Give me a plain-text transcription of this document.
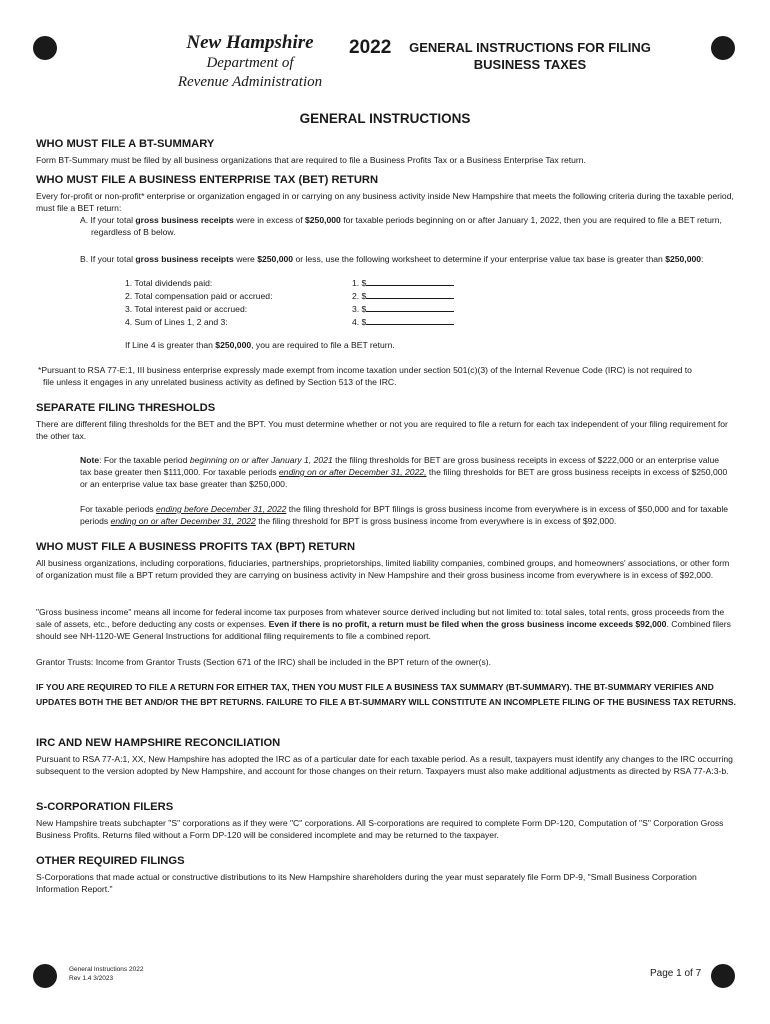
New Hampshire
Department of
Revenue Administration
2022	GENERAL INSTRUCTIONS FOR FILING
BUSINESS TAXES
GENERAL INSTRUCTIONS
WHO MUST FILE A BT-SUMMARY
Form BT-Summary must be filed by all business organizations that are required to file a Business Profits Tax or a Business Enterprise Tax return.
WHO MUST FILE A BUSINESS ENTERPRISE TAX (BET) RETURN
Every for-profit or non-profit* enterprise or organization engaged in or carrying on any business activity inside New Hampshire that meets the following criteria during the taxable period, must file a BET return:
A. If your total gross business receipts were in excess of $250,000 for taxable periods beginning on or after January 1, 2022, then you are required to file a BET return, regardless of B below.
B. If your total gross business receipts were $250,000 or less, use the following worksheet to determine if your enterprise value tax base is greater than $250,000:
1. Total dividends paid:	1. $
2. Total compensation paid or accrued:	2. $
3. Total interest paid or accrued:	3. $
4. Sum of Lines 1, 2 and 3:	4. $
If Line 4 is greater than $250,000, you are required to file a BET return.
*Pursuant to RSA 77-E:1, III business enterprise expressly made exempt from income taxation under section 501(c)(3) of the Internal Revenue Code (IRC) is not required to file unless it engages in any unrelated business activity as defined by Section 513 of the IRC.
SEPARATE FILING THRESHOLDS
There are different filing thresholds for the BET and the BPT. You must determine whether or not you are required to file a return for each tax independent of your filing requirement for the other tax.
Note: For the taxable period beginning on or after January 1, 2021 the filing thresholds for BET are gross business receipts in excess of $222,000 or an enterprise value tax base greater then $111,000. For taxable periods ending on or after December 31, 2022, the filing thresholds for BET are gross business receipts in excess of $250,000 or an enterprise value tax base greater than $250,000.
For taxable periods ending before December 31, 2022 the filing threshold for BPT filings is gross business income from everywhere is in excess of $50,000 and for taxable periods ending on or after December 31, 2022 the filing threshold for BPT is gross business income from everywhere is in excess of $92,000.
WHO MUST FILE A BUSINESS PROFITS TAX (BPT) RETURN
All business organizations, including corporations, fiduciaries, partnerships, proprietorships, limited liability companies, combined groups, and homeowners' associations, or other form of organization must file a BPT return provided they are carrying on business activity in New Hampshire and their gross business income from everywhere is in excess of $92,000.
"Gross business income" means all income for federal income tax purposes from whatever source derived including but not limited to: total sales, total rents, gross proceeds from the sale of assets, etc., before deducting any costs or expenses. Even if there is no profit, a return must be filed when the gross business income exceeds $92,000. Combined filers should see NH-1120-WE General Instructions for additional filing requirements to file a combined report.
Grantor Trusts: Income from Grantor Trusts (Section 671 of the IRC) shall be included in the BPT return of the owner(s).
IF YOU ARE REQUIRED TO FILE A RETURN FOR EITHER TAX, THEN YOU MUST FILE A BUSINESS TAX SUMMARY (BT-SUMMARY). THE BT-SUMMARY VERIFIES AND UPDATES BOTH THE BET AND/OR THE BPT RETURNS. FAILURE TO FILE A BT-SUMMARY WILL CONSTITUTE AN INCOMPLETE FILING OF THE BUSINESS TAX RETURNS.
IRC AND NEW HAMPSHIRE RECONCILIATION
Pursuant to RSA 77-A:1, XX, New Hampshire has adopted the IRC as of a particular date for each taxable period. As a result, taxpayers must identify any changes to the IRC occurring subsequent to the version adopted by New Hampshire, and account for those changes on their return. Taxpayers must also make additional adjustments as directed by RSA 77-A:3-b.
S-CORPORATION FILERS
New Hampshire treats subchapter "S" corporations as if they were "C" corporations. All S-corporations are required to complete Form DP-120, Computation of "S" Corporation Gross Business Profits. Returns filed without a Form DP-120 will be considered incomplete and may be returned to the taxpayer.
OTHER REQUIRED FILINGS
S-Corporations that made actual or constructive distributions to its New Hampshire shareholders during the year must separately file Form DP-9, "Small Business Corporation Information Report."
General Instructions 2022
Rev 1.4 3/2023	Page 1 of 7
